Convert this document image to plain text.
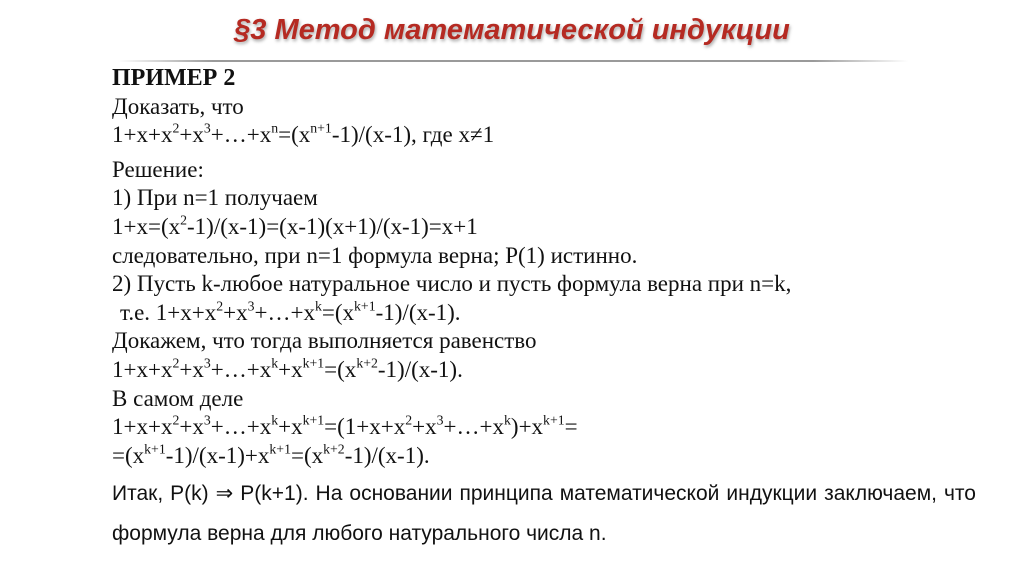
§3 Метод математической индукции
ПРИМЕР 2
Доказать, что
$1+x+x^2+x^3+\dots+x^n=(x^{n+1}-1)/(x-1)$, где x≠1
Решение:
1) При n=1 получаем
$1+x=(x^2-1)/(x-1)=(x-1)(x+1)/(x-1)=x+1$
следовательно, при n=1 формула верна; P(1) истинно.
2) Пусть k-любое натуральное число и пусть формула верна при n=k,
т.е. $1+x+x^2+x^3+\dots+x^k=(x^{k+1}-1)/(x-1)$.
Докажем, что тогда выполняется равенство
$1+x+x^2+x^3+\dots+x^k+x^{k+1}=(x^{k+2}-1)/(x-1)$.
В самом деле
$1+x+x^2+x^3+\dots+x^k+x^{k+1}=(1+x+x^2+x^3+\dots+x^k)+x^{k+1}=$
$=(x^{k+1}-1)/(x-1)+x^{k+1}=(x^{k+2}-1)/(x-1)$.
Итак, P(k) ⇒ P(k+1). На основании принципа математической индукции заключаем, что формула верна для любого натурального числа n.
